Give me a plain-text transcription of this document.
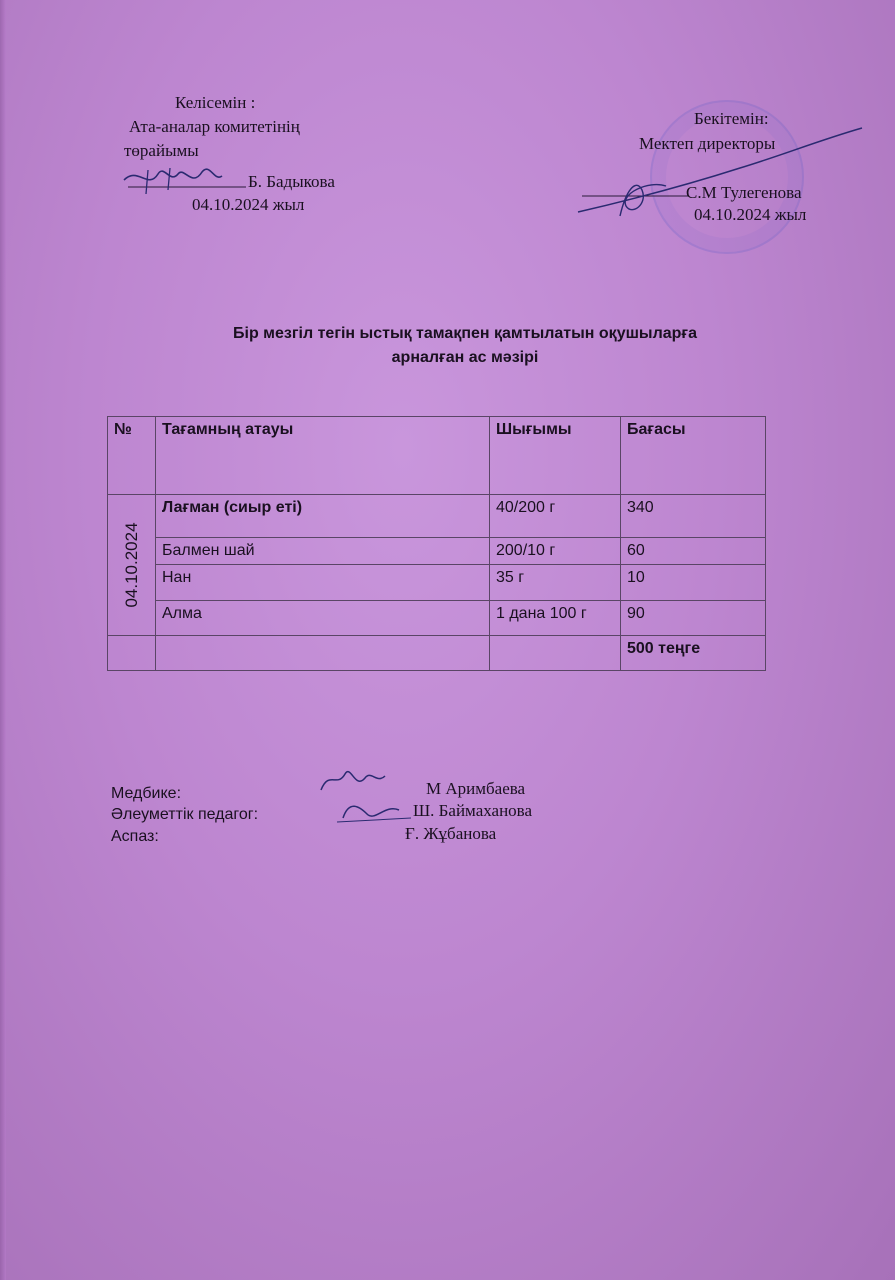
Келісемін :
Ата-аналар комитетінің
төрайымы
Б. Бадыкова
04.10.2024 жыл
Бекітемін:
Мектеп директоры
С.М Тулегенова
04.10.2024 жыл
Бір мезгіл тегін ыстық тамақпен қамтылатын оқушыларға
арналған ас мәзірі
№	Тағамның атауы	Шығымы	Бағасы

04.10.2024	Лағман (сиыр еті)	40/200 г	340
	Балмен шай	200/10 г	60
	Нан	35 г	10
	Алма	1 дана 100 г	90
			500 теңге
Медбике:
Әлеуметтік педагог:
Аспаз:
М Аримбаева
Ш. Баймаханова
Ғ. Жұбанова
